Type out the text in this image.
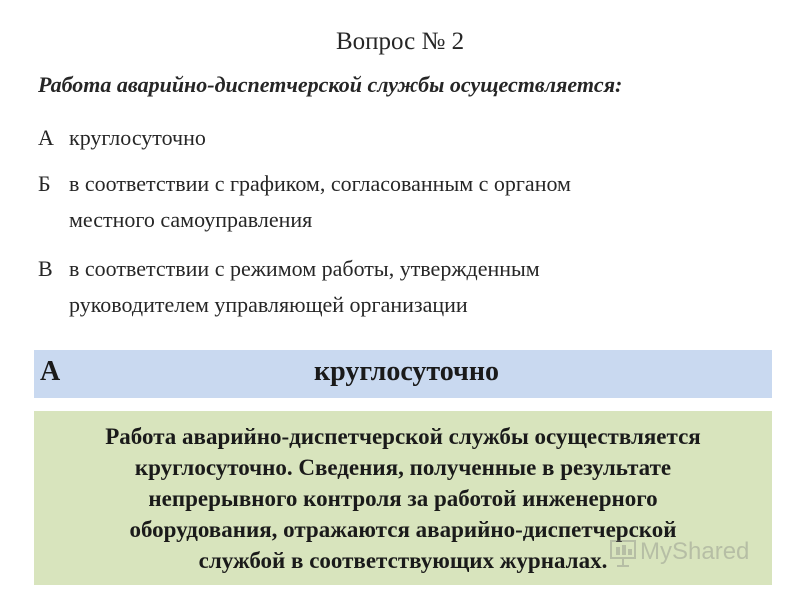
Вопрос № 2
Работа аварийно-диспетчерской службы осуществляется:
А круглосуточно
Б в соответствии с графиком, согласованным с органом
местного самоуправления
В в соответствии с режимом работы, утвержденным
руководителем управляющей организации
А	круглосуточно
Работа аварийно-диспетчерской службы осуществляется
круглосуточно. Сведения, полученные в результате
непрерывного контроля за работой инженерного
оборудования, отражаются аварийно-диспетчерской
службой в соответствующих журналах.	MyShared
